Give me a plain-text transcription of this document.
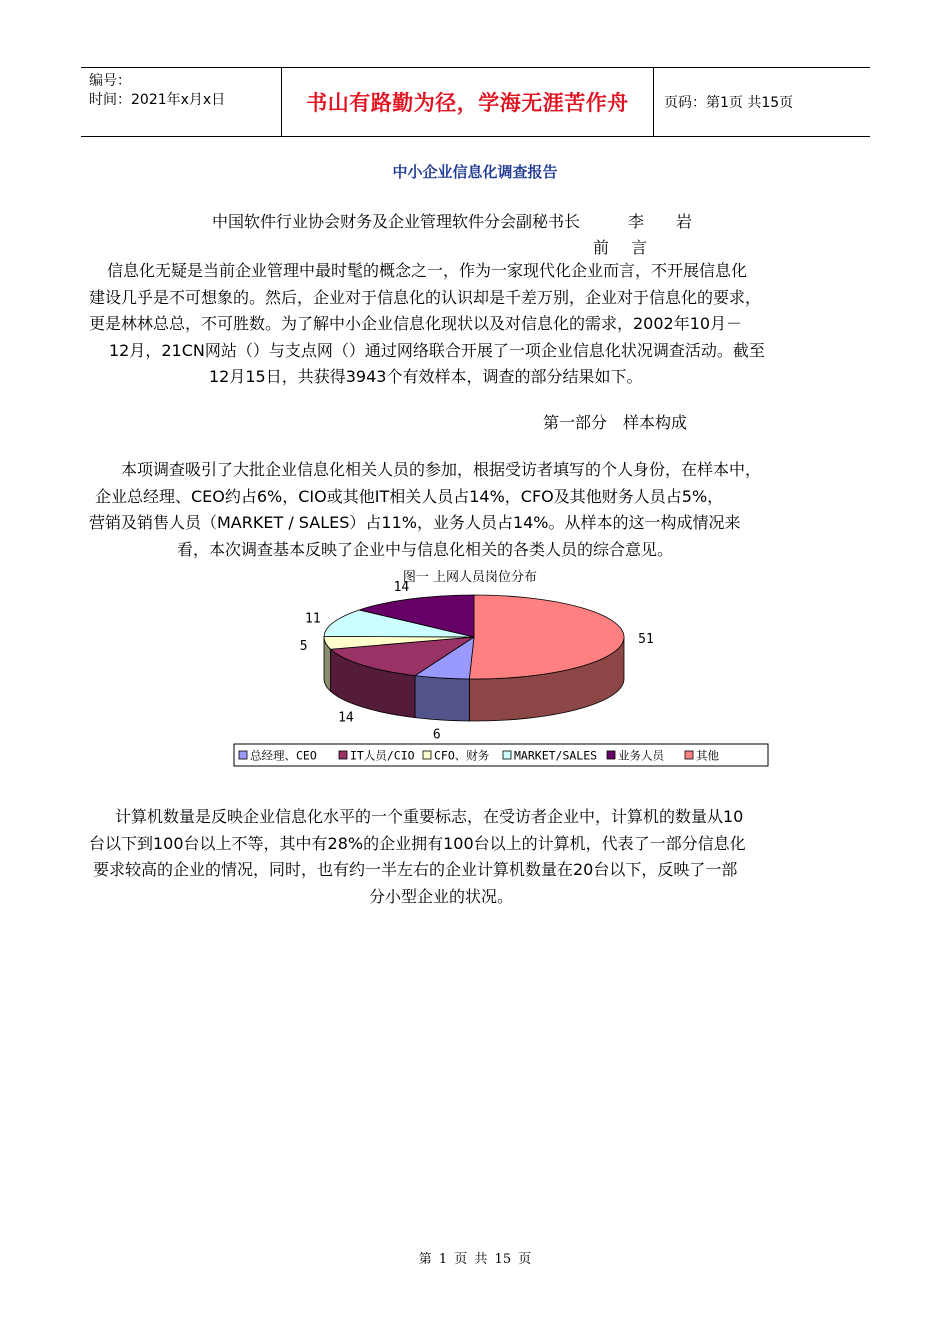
编号：
时间：2021年x月x日	书山有路勤为径，学海无涯苦作舟	页码：第1页 共15页
中小企业信息化调查报告
中国软件行业协会财务及企业管理软件分会副秘书长　　　李　　岩
前言
信息化无疑是当前企业管理中最时髦的概念之一，作为一家现代化企业而言，不开展信息化
建设几乎是不可想象的。然后，企业对于信息化的认识却是千差万别，企业对于信息化的要求，
更是林林总总，不可胜数。为了解中小企业信息化现状以及对信息化的需求，2002年10月－
12月，21CN网站（）与支点网（）通过网络联合开展了一项企业信息化状况调查活动。截至
12月15日，共获得3943个有效样本，调查的部分结果如下。
第一部分　样本构成
本项调查吸引了大批企业信息化相关人员的参加，根据受访者填写的个人身份，在样本中，
企业总经理、CEO约占6%，CIO或其他IT相关人员占14%，CFO及其他财务人员占5%，
营销及销售人员（MARKET / SALES）占11%，业务人员占14%。从样本的这一构成情况来
看，本次调查基本反映了企业中与信息化相关的各类人员的综合意见。
图一 上网人员岗位分布
51
6
14
5
11
14
总经理、CEO	IT人员/CIO CFO、财务 MARKET/SALES 业务人员	其他
计算机数量是反映企业信息化水平的一个重要标志，在受访者企业中，计算机的数量从10
台以下到100台以上不等，其中有28%的企业拥有100台以上的计算机，代表了一部分信息化
要求较高的企业的情况，同时，也有约一半左右的企业计算机数量在20台以下，反映了一部
分小型企业的状况。
第 1 页 共 15 页
